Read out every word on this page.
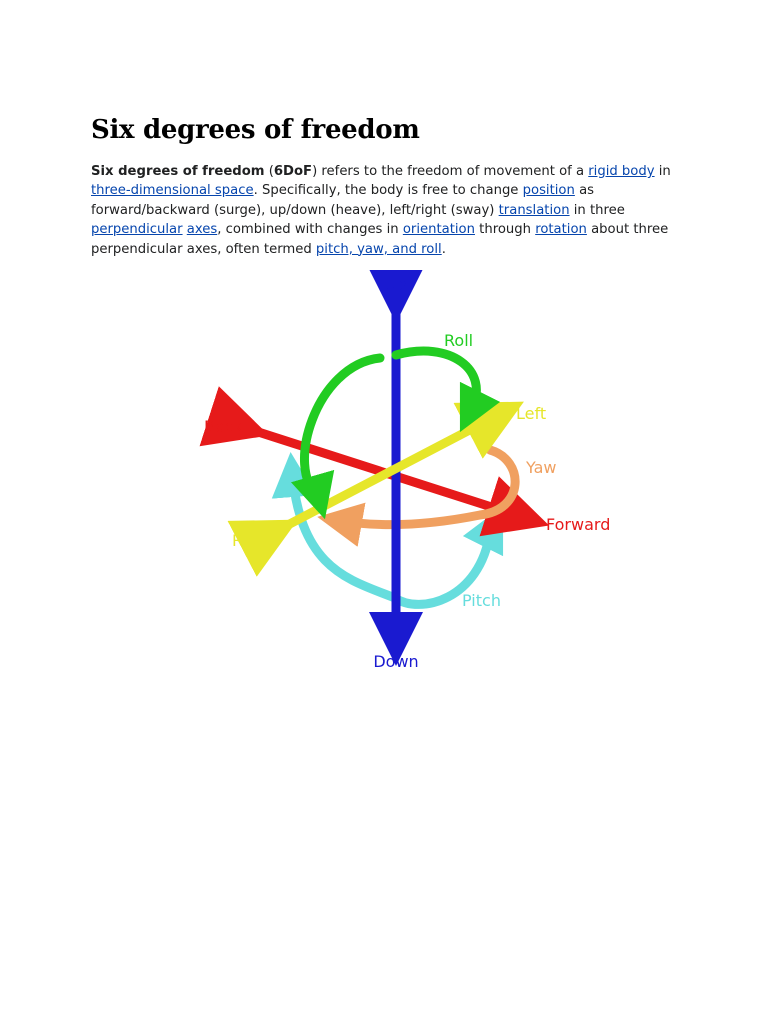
Six degrees of freedom

Six degrees of freedom (6DoF) refers to the freedom of movement of a rigid body in three-dimensional space. Specifically, the body is free to change position as forward/backward (surge), up/down (heave), left/right (sway) translation in three perpendicular axes, combined with changes in orientation through rotation about three perpendicular axes, often termed pitch, yaw, and roll.

Up
Down
Roll
Left
Back
Yaw
Forward
Right
Pitch
